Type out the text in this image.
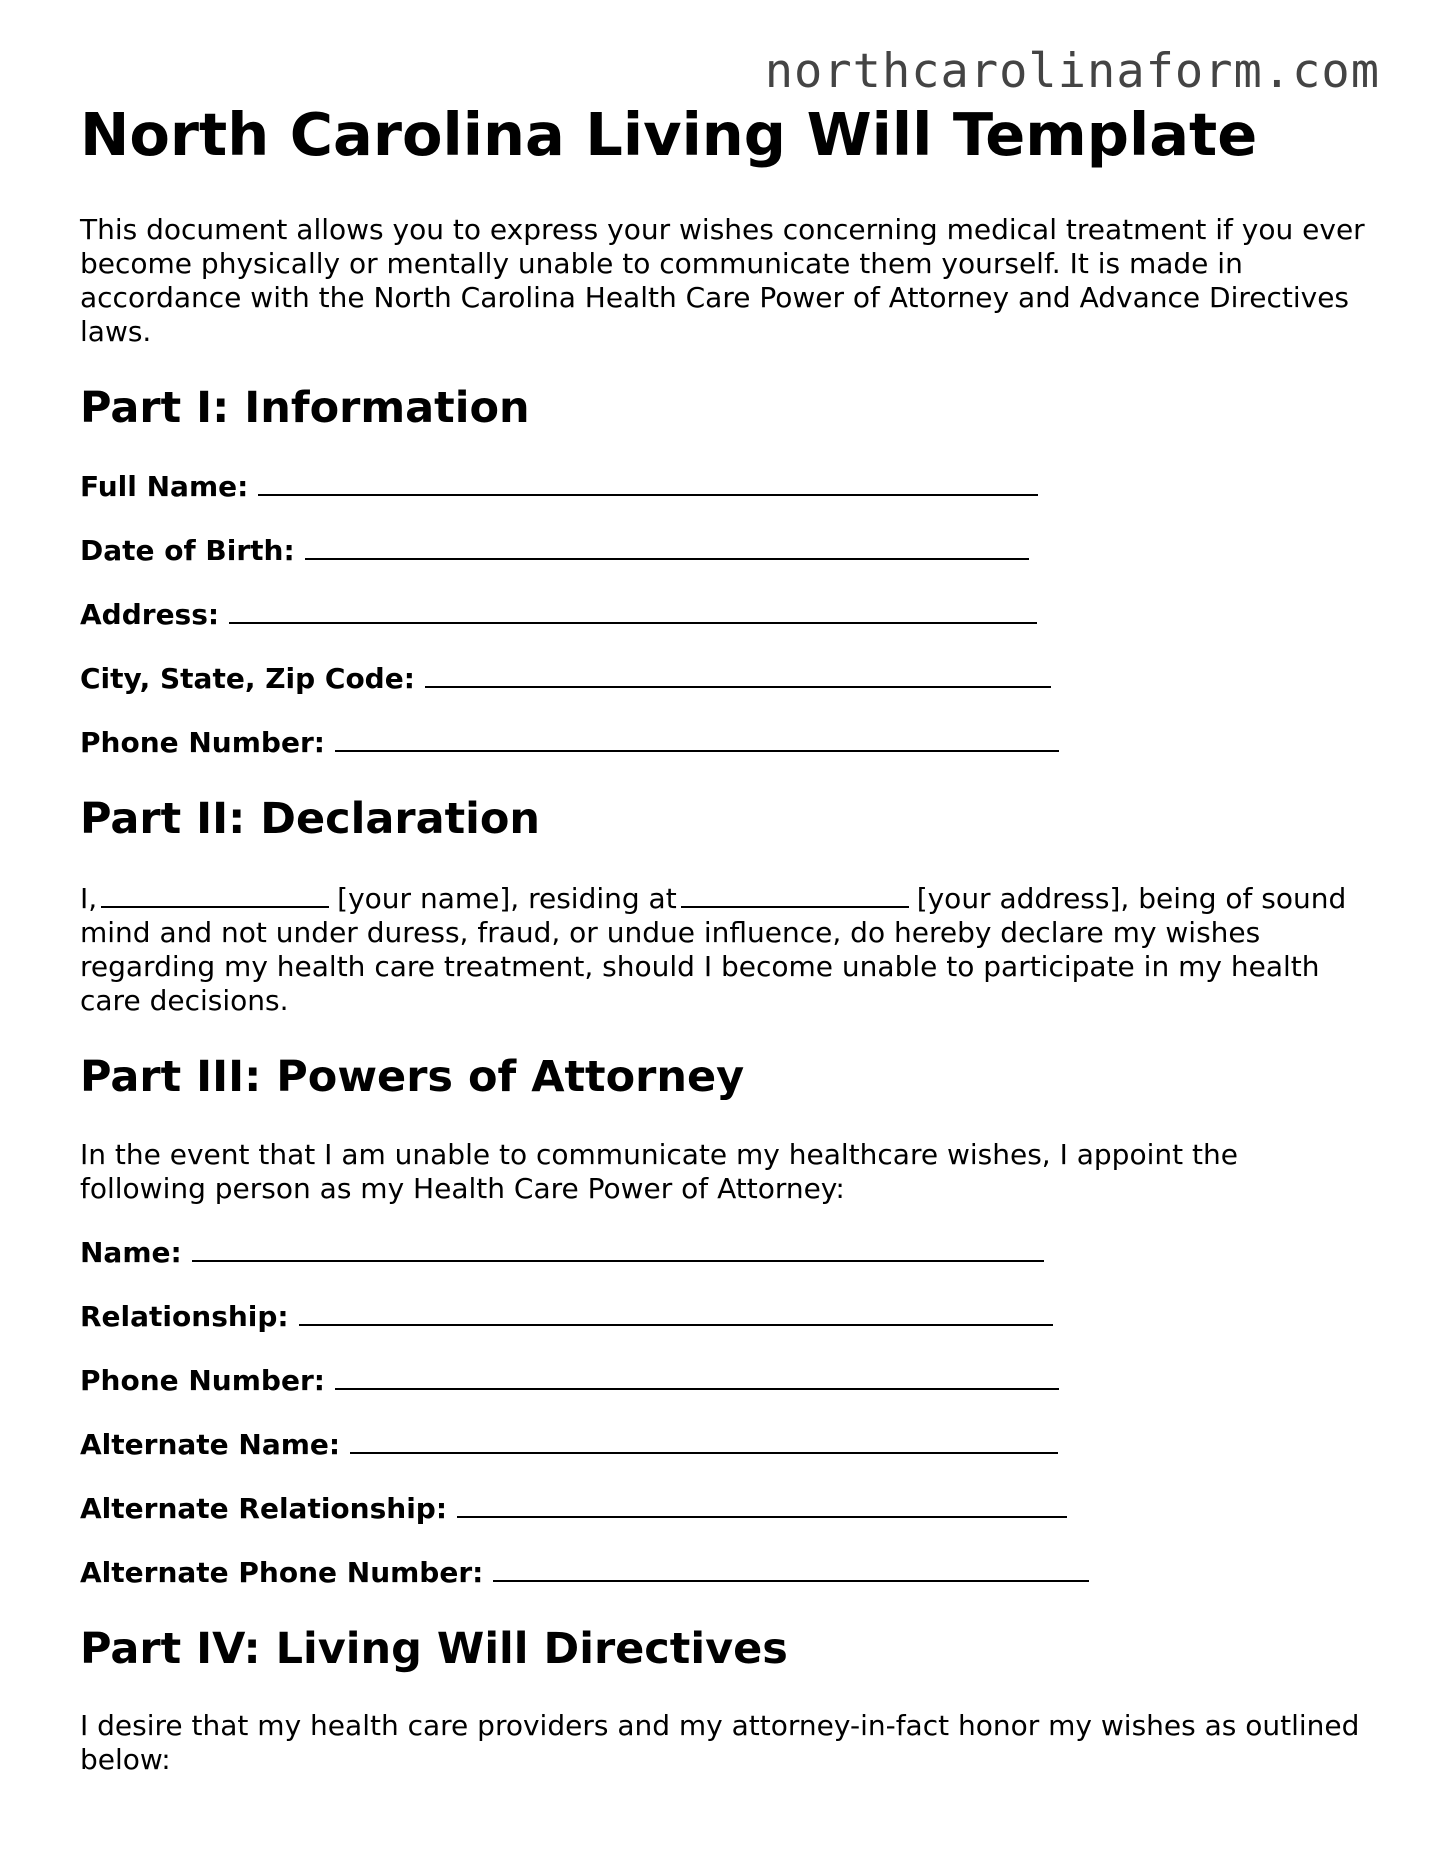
northcarolinaform.com
North Carolina Living Will Template

This document allows you to express your wishes concerning medical treatment if you ever become physically or mentally unable to communicate them yourself. It is made in accordance with the North Carolina Health Care Power of Attorney and Advance Directives laws.

Part I: Information
Full Name:
Date of Birth:
Address:
City, State, Zip Code:
Phone Number:
Part II: Declaration

I,	[your name], residing at	[your address], being of sound mind and not under duress, fraud, or undue influence, do hereby declare my wishes regarding my health care treatment, should I become unable to participate in my health care decisions.

Part III: Powers of Attorney

In the event that I am unable to communicate my healthcare wishes, I appoint the following person as my Health Care Power of Attorney:

Name:
Relationship:
Phone Number:
Alternate Name:
Alternate Relationship:
Alternate Phone Number:
Part IV: Living Will Directives

I desire that my health care providers and my attorney-in-fact honor my wishes as outlined below:
